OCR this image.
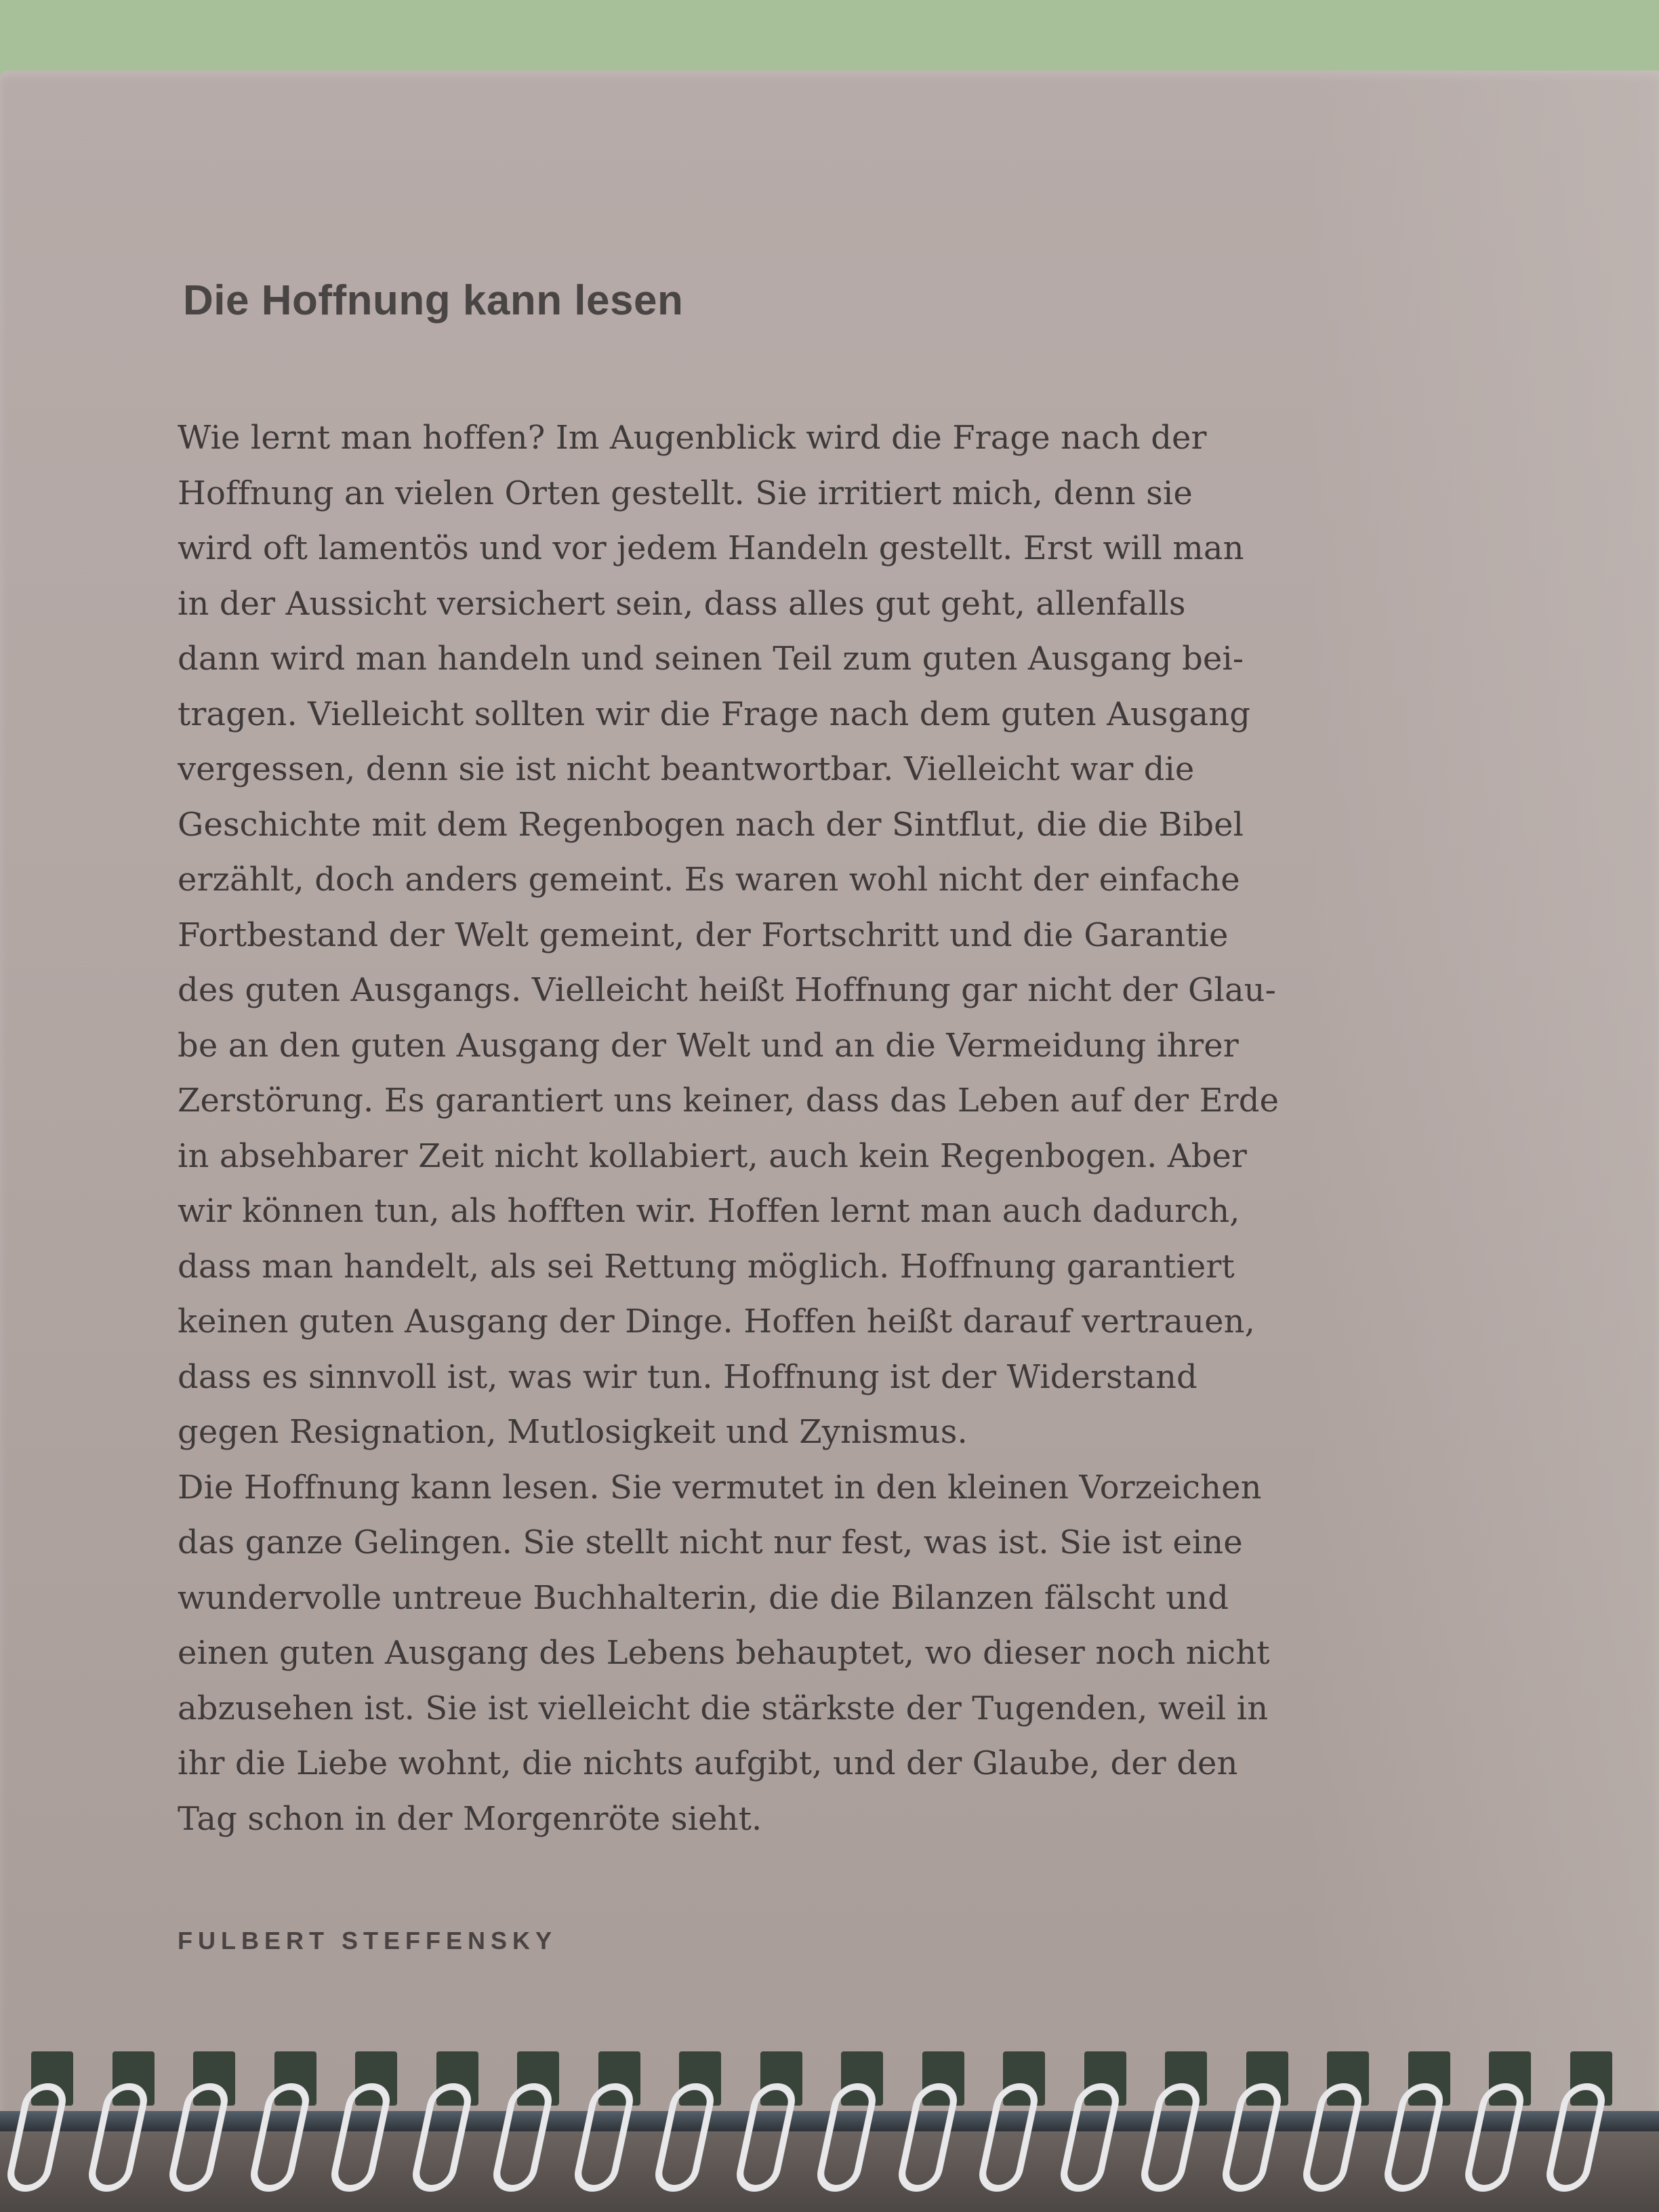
Die Hoffnung kann lesen
Wie lernt man hoffen? Im Augenblick wird die Frage nach der
Hoffnung an vielen Orten gestellt. Sie irritiert mich, denn sie
wird oft lamentös und vor jedem Handeln gestellt. Erst will man
in der Aussicht versichert sein, dass alles gut geht, allenfalls
dann wird man handeln und seinen Teil zum guten Ausgang bei-
tragen. Vielleicht sollten wir die Frage nach dem guten Ausgang
vergessen, denn sie ist nicht beantwortbar. Vielleicht war die
Geschichte mit dem Regenbogen nach der Sintflut, die die Bibel
erzählt, doch anders gemeint. Es waren wohl nicht der einfache
Fortbestand der Welt gemeint, der Fortschritt und die Garantie
des guten Ausgangs. Vielleicht heißt Hoffnung gar nicht der Glau-
be an den guten Ausgang der Welt und an die Vermeidung ihrer
Zerstörung. Es garantiert uns keiner, dass das Leben auf der Erde
in absehbarer Zeit nicht kollabiert, auch kein Regenbogen. Aber
wir können tun, als hofften wir. Hoffen lernt man auch dadurch,
dass man handelt, als sei Rettung möglich. Hoffnung garantiert
keinen guten Ausgang der Dinge. Hoffen heißt darauf vertrauen,
dass es sinnvoll ist, was wir tun. Hoffnung ist der Widerstand
gegen Resignation, Mutlosigkeit und Zynismus.
Die Hoffnung kann lesen. Sie vermutet in den kleinen Vorzeichen
das ganze Gelingen. Sie stellt nicht nur fest, was ist. Sie ist eine
wundervolle untreue Buchhalterin, die die Bilanzen fälscht und
einen guten Ausgang des Lebens behauptet, wo dieser noch nicht
abzusehen ist. Sie ist vielleicht die stärkste der Tugenden, weil in
ihr die Liebe wohnt, die nichts aufgibt, und der Glaube, der den
Tag schon in der Morgenröte sieht.
FULBERT STEFFENSKY
